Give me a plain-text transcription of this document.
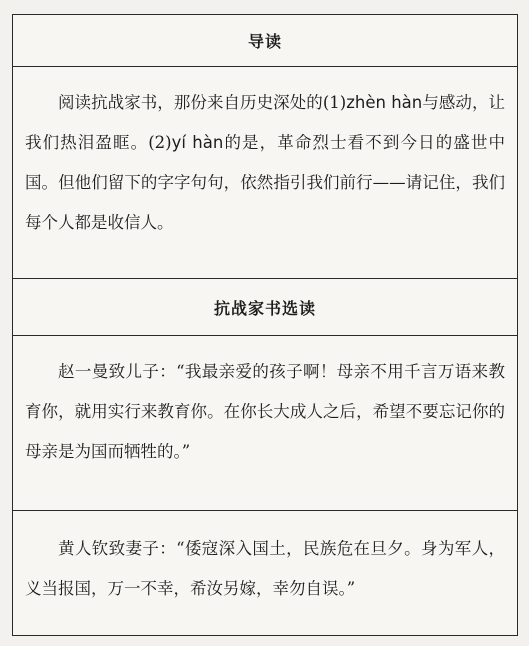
导读

阅读抗战家书，那份来自历史深处的(1)zhèn hàn与感动，让我们热泪盈眶。(2)yí hàn的是，革命烈士看不到今日的盛世中国。但他们留下的字字句句，依然指引我们前行——请记住，我们每个人都是收信人。

抗战家书选读

赵一曼致儿子：“我最亲爱的孩子啊！母亲不用千言万语来教育你，就用实行来教育你。在你长大成人之后，希望不要忘记你的母亲是为国而牺牲的。”

黄人钦致妻子：“倭寇深入国土，民族危在旦夕。身为军人，义当报国，万一不幸，希汝另嫁，幸勿自误。”
